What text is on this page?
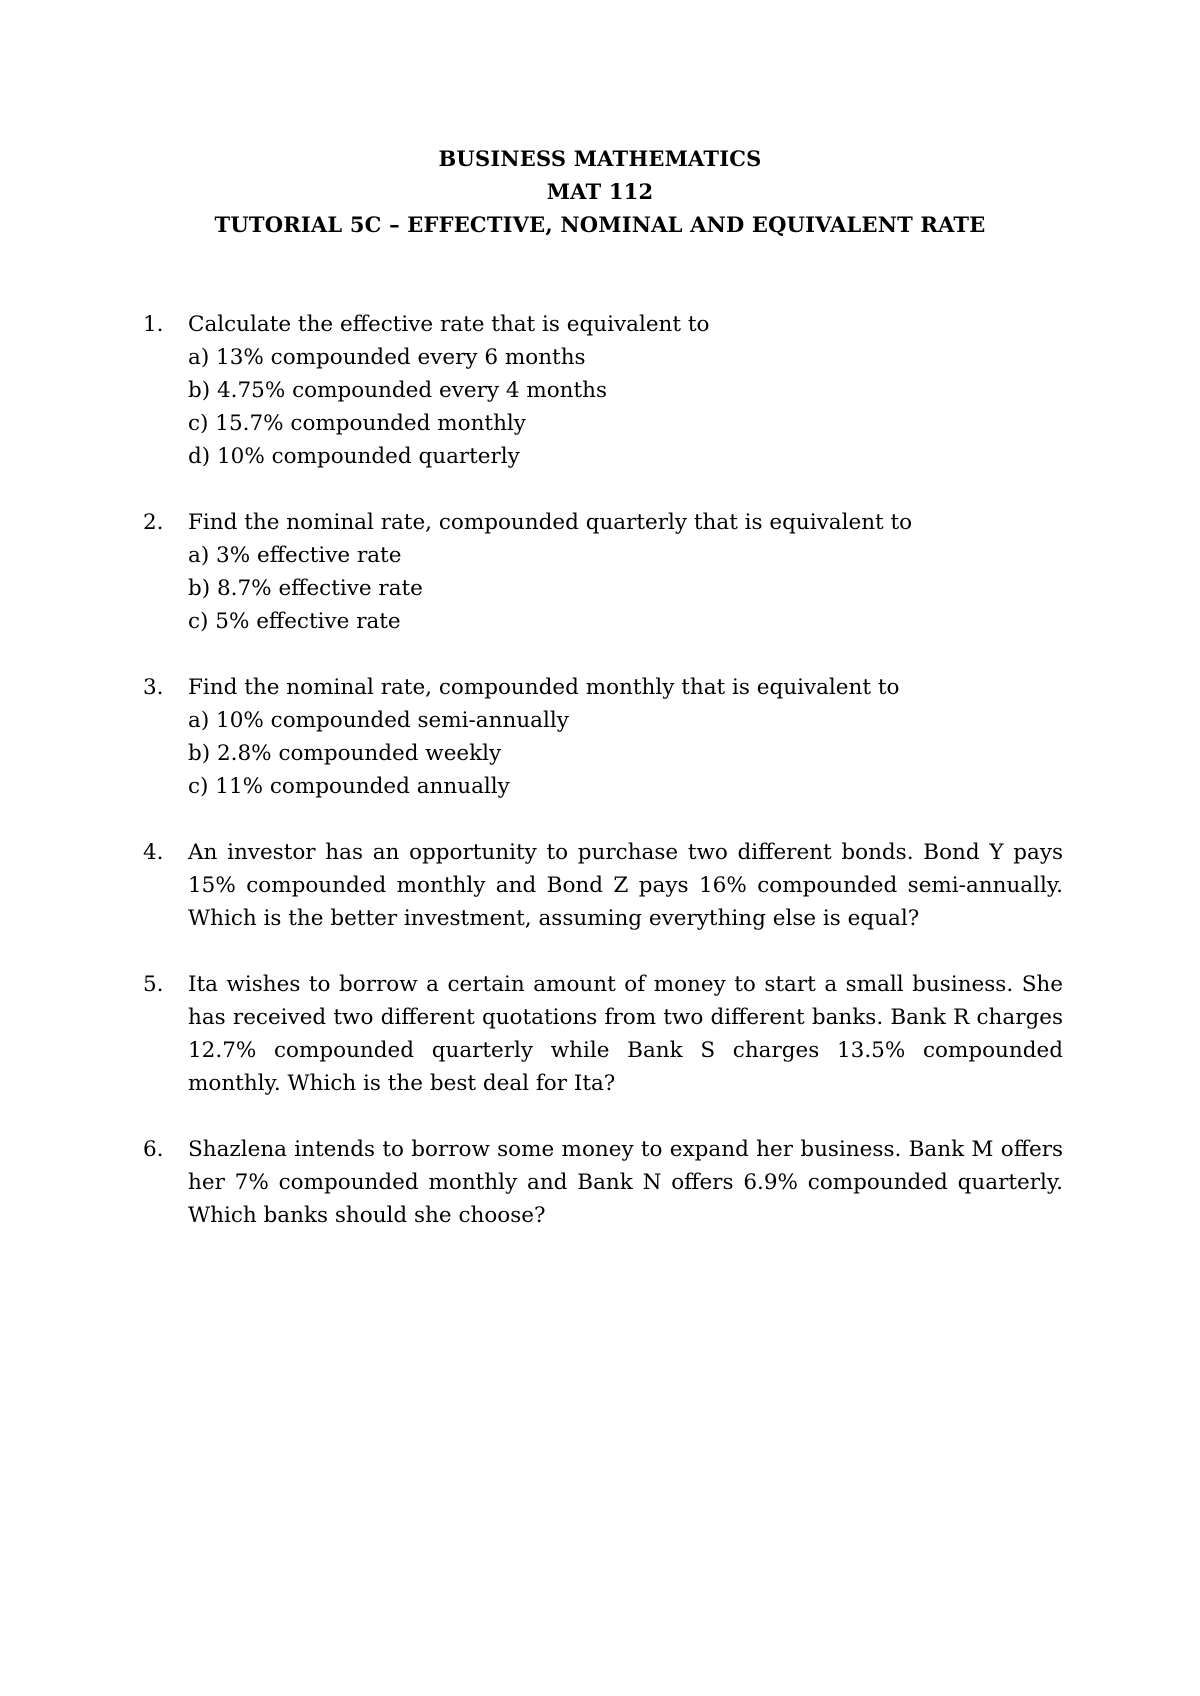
BUSINESS MATHEMATICS
MAT 112
TUTORIAL 5C – EFFECTIVE, NOMINAL AND EQUIVALENT RATE
1. Calculate the effective rate that is equivalent to
a) 13% compounded every 6 months
b) 4.75% compounded every 4 months
c) 15.7% compounded monthly
d) 10% compounded quarterly
2. Find the nominal rate, compounded quarterly that is equivalent to
a) 3% effective rate
b) 8.7% effective rate
c) 5% effective rate
3. Find the nominal rate, compounded monthly that is equivalent to
a) 10% compounded semi-annually
b) 2.8% compounded weekly
c) 11% compounded annually
4. An investor has an opportunity to purchase two different bonds. Bond Y pays 15% compounded monthly and Bond Z pays 16% compounded semi-annually. Which is the better investment, assuming everything else is equal?
5. Ita wishes to borrow a certain amount of money to start a small business. She has received two different quotations from two different banks. Bank R charges 12.7% compounded quarterly while Bank S charges 13.5% compounded monthly. Which is the best deal for Ita?
6. Shazlena intends to borrow some money to expand her business. Bank M offers her 7% compounded monthly and Bank N offers 6.9% compounded quarterly. Which banks should she choose?
